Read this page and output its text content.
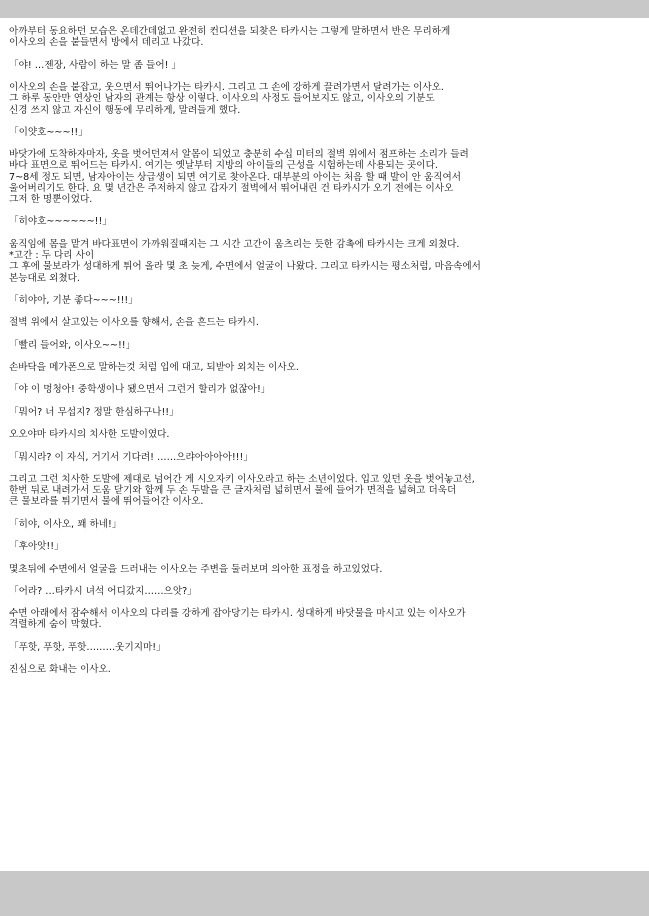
아까부터 동요하던 모습은 온데간데없고 완전히 컨디션을 되찾은 타카시는 그렇게 말하면서 반은 무리하게
이사오의 손을 붙들면서 방에서 데리고 나갔다.

「야! …젠장, 사람이 하는 말 좀 들어! 」

이사오의 손을 붙잡고, 웃으면서 뛰어나가는 타카시. 그리고 그 손에 강하게 끌려가면서 달려가는 이사오.
그 하루 동안만 연상인 남자의 관계는 항상 이렇다. 이사오의 사정도 들어보지도 않고, 이사오의 기분도
신경 쓰지 않고 자신이 행동에 무리하게, 말려들게 했다.

「이얏호~~~!!」

바닷가에 도착하자마자, 옷을 벗어던져서 알몸이 되었고 충분히 수십 미터의 절벽 위에서 점프하는 소리가 들려
바다 표면으로 뛰어드는 타카시. 여기는 옛날부터 지방의 아이들의 근성을 시험하는데 사용되는 곳이다.
7~8세 정도 되면, 남자아이는 상급생이 되면 여기로 찾아온다. 대부분의 아이는 처음 할 때 발이 안 움직여서
울어버리기도 한다. 요 몇 년간은 주저하지 않고 갑자기 절벽에서 뛰어내린 건 타카시가 오기 전에는 이사오
그저 한 명뿐이었다.

「히야호~~~~~~!!」

움직임에 몸을 맡겨 바다표면이 가까워질때지는 그 시간 고간이 움츠리는 듯한 감촉에 타카시는 크게 외쳤다.
*고간 : 두 다리 사이
그 후에 물보라가 성대하게 튀어 올라 몇 초 늦게, 수면에서 얼굴이 나왔다. 그리고 타카시는 평소처럼, 마음속에서
본능대로 외쳤다.

「히야아, 기분 좋다~~~!!!」

절벽 위에서 살고있는 이사오를 향해서, 손을 흔드는 타카시.

「빨리 들어와, 이사오~~!!」

손바닥을 메가폰으로 말하는것 처럼 입에 대고, 되받아 외치는 이사오.

「야 이 멍청아! 중학생이나 됐으면서 그런거 할리가 없잖아!」

「뭐어? 너 무섭지? 정말 한심하구나!!」

오오야마 타카시의 치사한 도발이였다.

「뭐시라? 이 자식, 거기서 기다려! ……으랴아아아아!!!」

그리고 그런 치사한 도발에 제대로 넘어간 게 시오자키 이사오라고 하는 소년이었다. 입고 있던 옷을 벗어놓고선,
한번 뒤로 내려가서 도움 닫기와 함께 두 손 두발을 큰 글자처럼 넓히면서 물에 들어가 면적을 넓혀고 더욱더
큰 물보라를 튀기면서 물에 뛰어들어간 이사오.

「히야, 이사오, 꽤 하네!」

「후아앗!!」

몇초뒤에 수면에서 얼굴을 드러내는 이사오는 주변을 둘러보며 의아한 표정을 하고있었다.

「어라? …타카시 녀석 어디갔지……으앗?」

수면 아래에서 잠수해서 이사오의 다리를 강하게 잡아당기는 타카시. 성대하게 바닷물을 마시고 있는 이사오가
격렬하게 숨이 막혔다.

「푸핫, 푸핫, 푸핫………웃기지마!」

진심으로 화내는 이사오.
